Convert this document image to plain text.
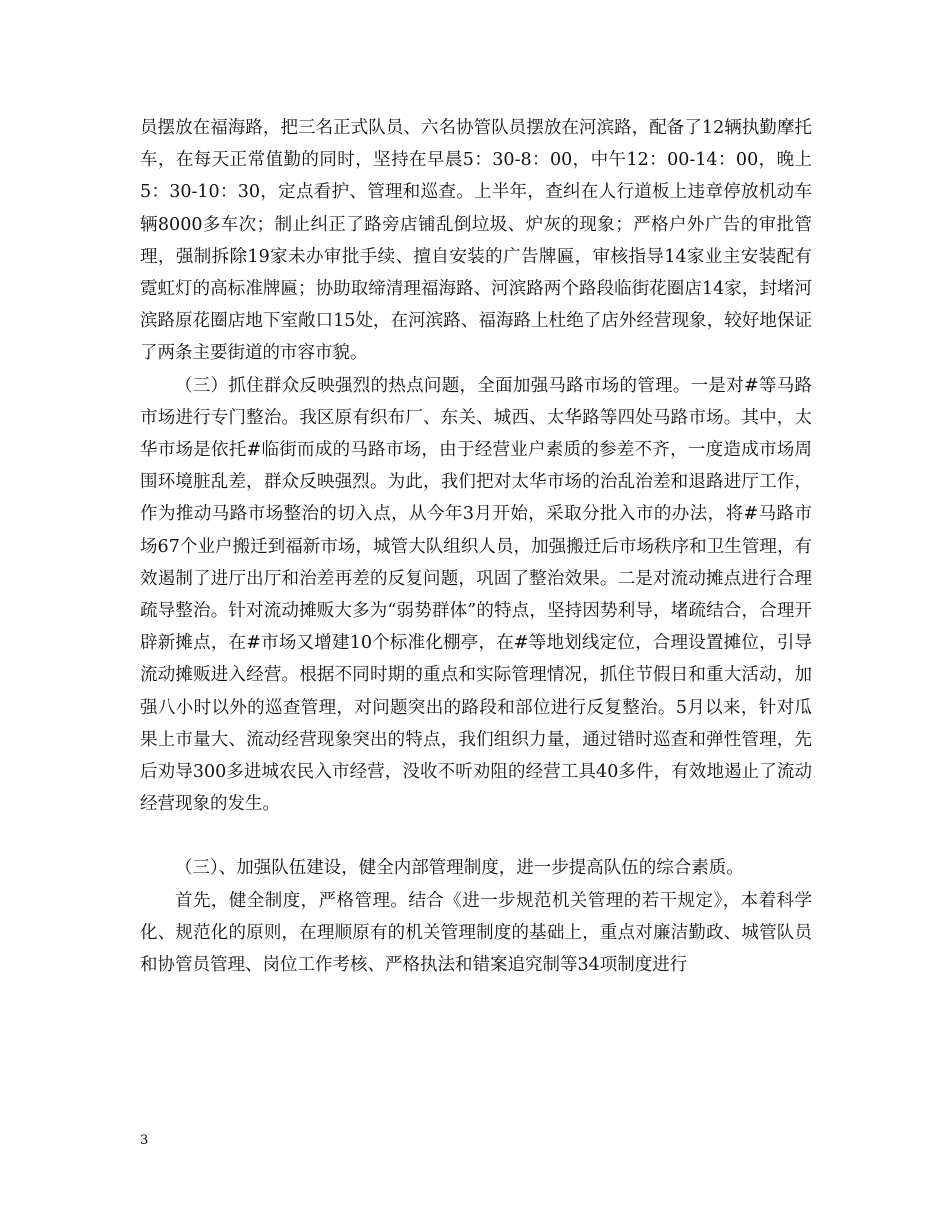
员摆放在福海路，把三名正式队员、六名协管队员摆放在河滨路，配备了12辆执勤摩托车，在每天正常值勤的同时，坚持在早晨5：30-8：00，中午12：00-14：00，晚上5：30-10：30，定点看护、管理和巡查。上半年，查纠在人行道板上违章停放机动车辆8000多车次；制止纠正了路旁店铺乱倒垃圾、炉灰的现象；严格户外广告的审批管理，强制拆除19家未办审批手续、擅自安装的广告牌匾，审核指导14家业主安装配有霓虹灯的高标准牌匾；协助取缔清理福海路、河滨路两个路段临街花圈店14家，封堵河滨路原花圈店地下室敞口15处，在河滨路、福海路上杜绝了店外经营现象，较好地保证了两条主要街道的市容市貌。

（三）抓住群众反映强烈的热点问题，全面加强马路市场的管理。一是对#等马路市场进行专门整治。我区原有织布厂、东关、城西、太华路等四处马路市场。其中，太华市场是依托#临街而成的马路市场，由于经营业户素质的参差不齐，一度造成市场周围环境脏乱差，群众反映强烈。为此，我们把对太华市场的治乱治差和退路进厅工作，作为推动马路市场整治的切入点，从今年3月开始，采取分批入市的办法，将#马路市场67个业户搬迁到福新市场，城管大队组织人员，加强搬迁后市场秩序和卫生管理，有效遏制了进厅出厅和治差再差的反复问题，巩固了整治效果。二是对流动摊点进行合理疏导整治。针对流动摊贩大多为“弱势群体”的特点，坚持因势利导，堵疏结合，合理开辟新摊点，在#市场又增建10个标准化棚亭，在#等地划线定位，合理设置摊位，引导流动摊贩进入经营。根据不同时期的重点和实际管理情况，抓住节假日和重大活动，加强八小时以外的巡查管理，对问题突出的路段和部位进行反复整治。5月以来，针对瓜果上市量大、流动经营现象突出的特点，我们组织力量，通过错时巡查和弹性管理，先后劝导300多进城农民入市经营，没收不听劝阻的经营工具40多件，有效地遏止了流动经营现象的发生。

（三）、加强队伍建设，健全内部管理制度，进一步提高队伍的综合素质。

首先，健全制度，严格管理。结合《进一步规范机关管理的若干规定》，本着科学化、规范化的原则，在理顺原有的机关管理制度的基础上，重点对廉洁勤政、城管队员和协管员管理、岗位工作考核、严格执法和错案追究制等34项制度进行

3
